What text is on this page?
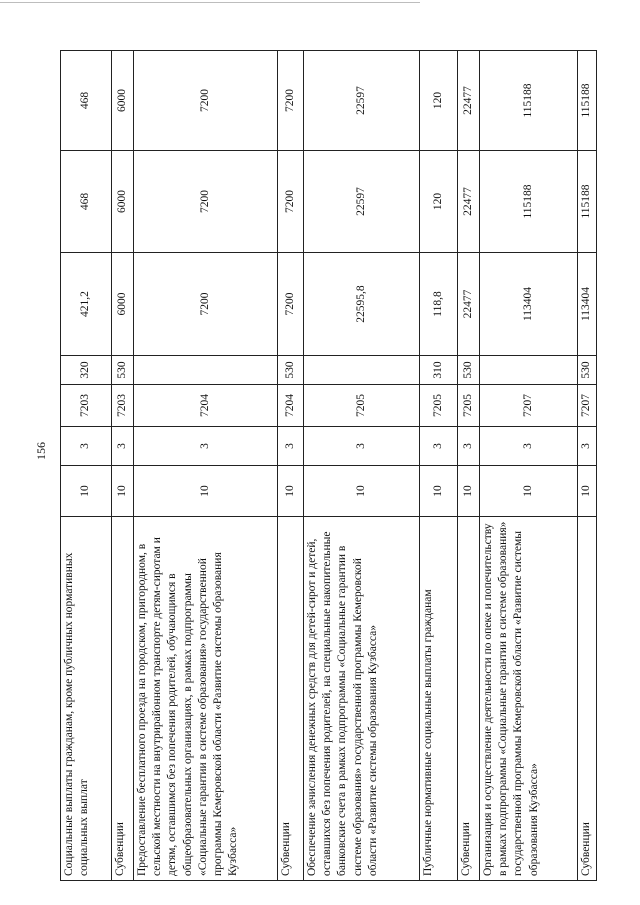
156
Социальные выплаты гражданам, кроме публичных нормативных социальных выплат	10	3	7203	320	421,2	468	468
Субвенции	10	3	7203	530	6000	6000	6000
Предоставление бесплатного проезда на городском, пригородном, в сельской местности на внутрирайонном транспорте детям-сиротам и детям, оставшимся без попечения родителей, обучающимся в общеобразовательных организациях, в рамках подпрограммы «Социальные гарантии в системе образования» государственной программы Кемеровской области «Развитие системы образования Кузбасса»	10	3	7204		7200	7200	7200
Субвенции	10	3	7204	530	7200	7200	7200
Обеспечение зачисления денежных средств для детей-сирот и детей, оставшихся без попечения родителей, на специальные накопительные банковские счета в рамках подпрограммы «Социальные гарантии в системе образования» государственной программы Кемеровской области «Развитие системы образования Кузбасса»	10	3	7205		22595,8	22597	22597
Публичные нормативные социальные выплаты гражданам	10	3	7205	310	118,8	120	120
Субвенции	10	3	7205	530	22477	22477	22477
Организация и осуществление деятельности по опеке и попечительству в рамках подпрограммы «Социальные гарантии в системе образования» государственной программы Кемеровской области «Развитие системы образования Кузбасса»	10	3	7207		113404	115188	115188
Субвенции	10	3	7207	530	113404	115188	115188
